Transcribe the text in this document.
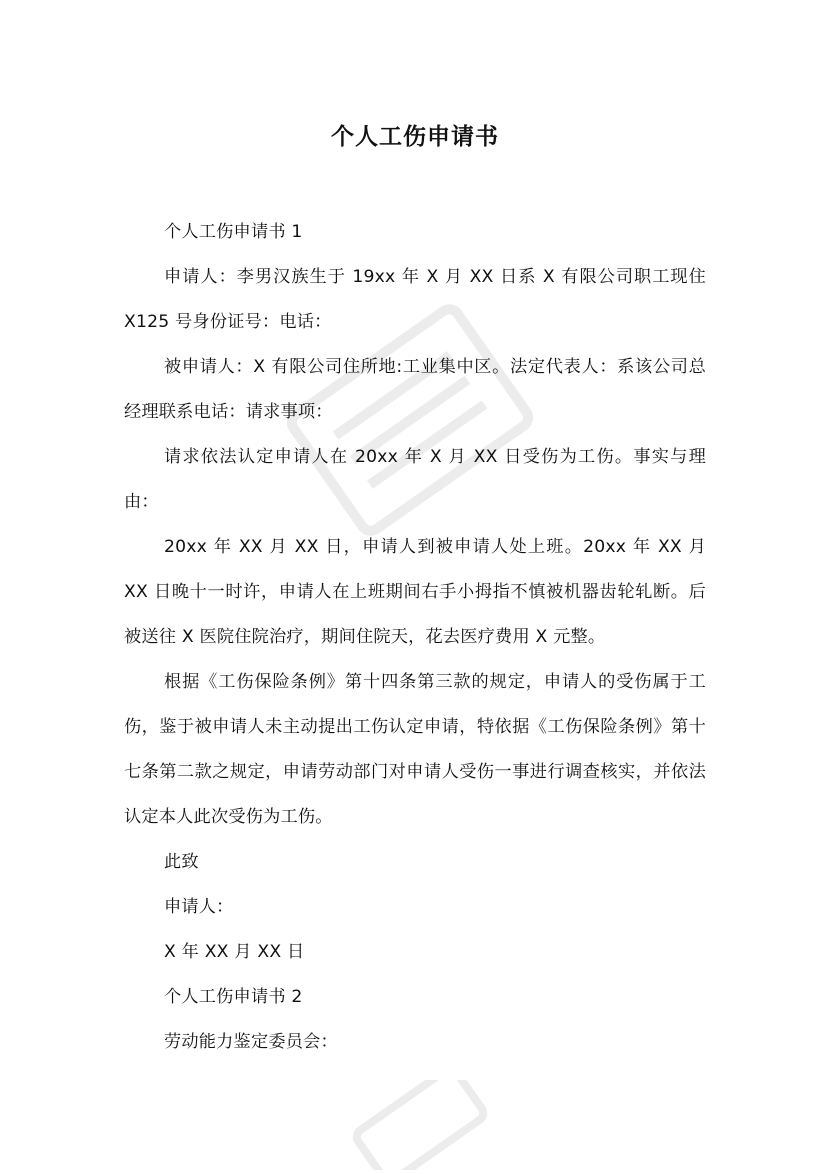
个人工伤申请书

个人工伤申请书 1

申请人：李男汉族生于 19xx 年 X 月 XX 日系 X 有限公司职工现住 X125 号身份证号：电话：

被申请人：X 有限公司住所地:工业集中区。法定代表人：系该公司总经理联系电话：请求事项：

请求依法认定申请人在 20xx 年 X 月 XX 日受伤为工伤。事实与理由：

20xx 年 XX 月 XX 日，申请人到被申请人处上班。20xx 年 XX 月 XX 日晚十一时许，申请人在上班期间右手小拇指不慎被机器齿轮轧断。后被送往 X 医院住院治疗，期间住院天，花去医疗费用 X 元整。

根据《工伤保险条例》第十四条第三款的规定，申请人的受伤属于工伤，鉴于被申请人未主动提出工伤认定申请，特依据《工伤保险条例》第十七条第二款之规定，申请劳动部门对申请人受伤一事进行调查核实，并依法认定本人此次受伤为工伤。

此致

申请人：

X 年 XX 月 XX 日

个人工伤申请书 2

劳动能力鉴定委员会：
